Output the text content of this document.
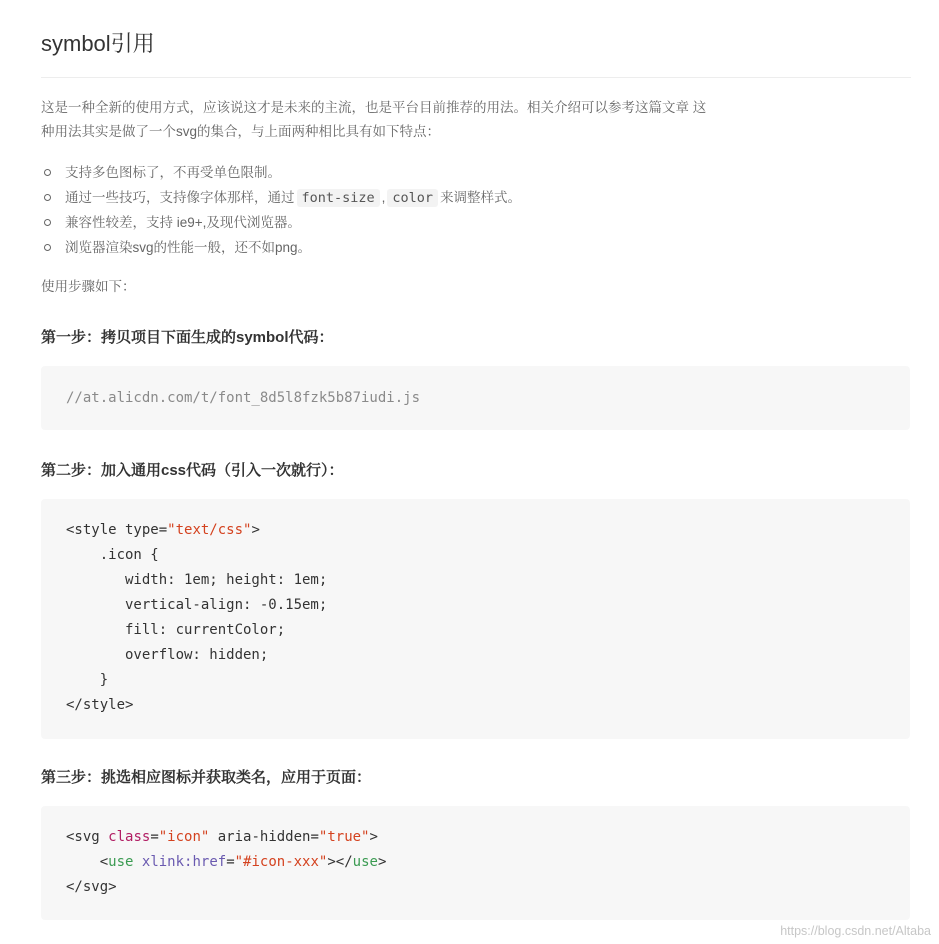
symbol引用

这是一种全新的使用方式，应该说这才是未来的主流，也是平台目前推荐的用法。相关介绍可以参考这篇文章 这

种用法其实是做了一个svg的集合，与上面两种相比具有如下特点：

支持多色图标了，不再受单色限制。
通过一些技巧，支持像字体那样，通过 font-size , color 来调整样式。
兼容性较差，支持 ie9+,及现代浏览器。
浏览器渲染svg的性能一般，还不如png。
使用步骤如下：
第一步：拷贝项目下面生成的symbol代码：
//at.alicdn.com/t/font_8d5l8fzk5b87iudi.js
第二步：加入通用css代码（引入一次就行）：
<style type="text/css">
.icon {
width: 1em; height: 1em;
vertical-align: -0.15em;
fill: currentColor;
overflow: hidden;
}
</style>
第三步：挑选相应图标并获取类名，应用于页面：
<svg class="icon" aria-hidden="true">
<use xlink:href="#icon-xxx"></use>
</svg>
https://blog.csdn.net/Altaba
